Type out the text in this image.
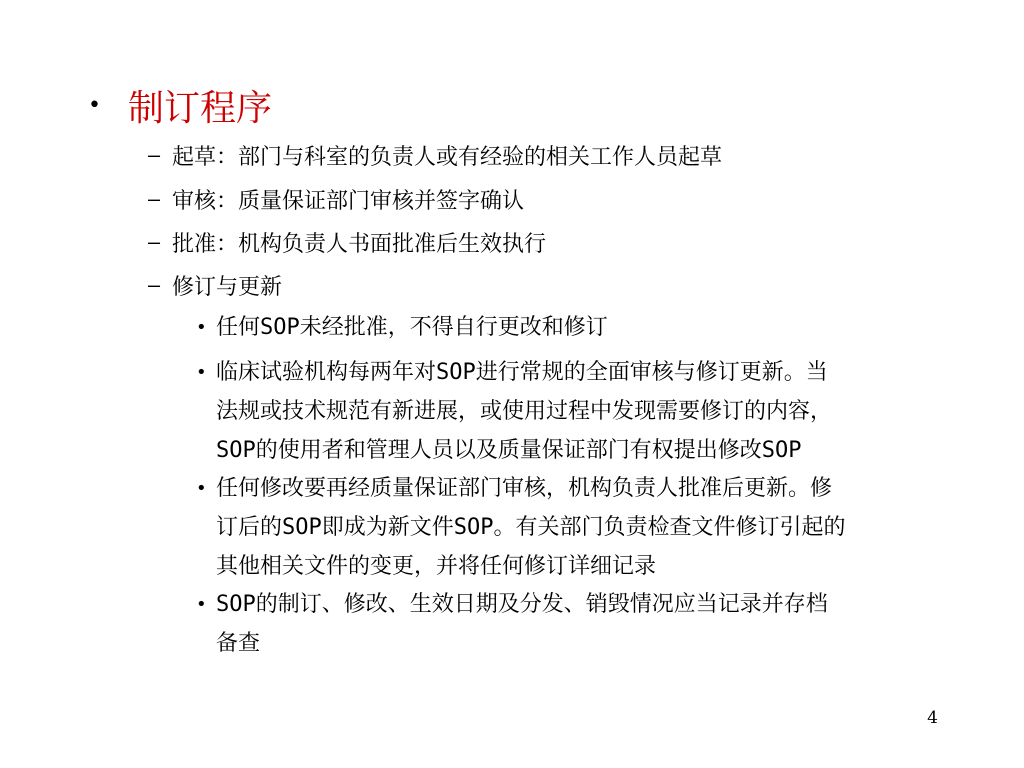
• 制订程序
– 起草：部门与科室的负责人或有经验的相关工作人员起草
– 审核：质量保证部门审核并签字确认
– 批准：机构负责人书面批准后生效执行
– 修订与更新
• 任何SOP未经批准，不得自行更改和修订
• 临床试验机构每两年对SOP进行常规的全面审核与修订更新。当
法规或技术规范有新进展，或使用过程中发现需要修订的内容，
SOP的使用者和管理人员以及质量保证部门有权提出修改SOP
• 任何修改要再经质量保证部门审核，机构负责人批准后更新。修
订后的SOP即成为新文件SOP。有关部门负责检查文件修订引起的
其他相关文件的变更，并将任何修订详细记录
• SOP的制订、修改、生效日期及分发、销毁情况应当记录并存档
备查
4
